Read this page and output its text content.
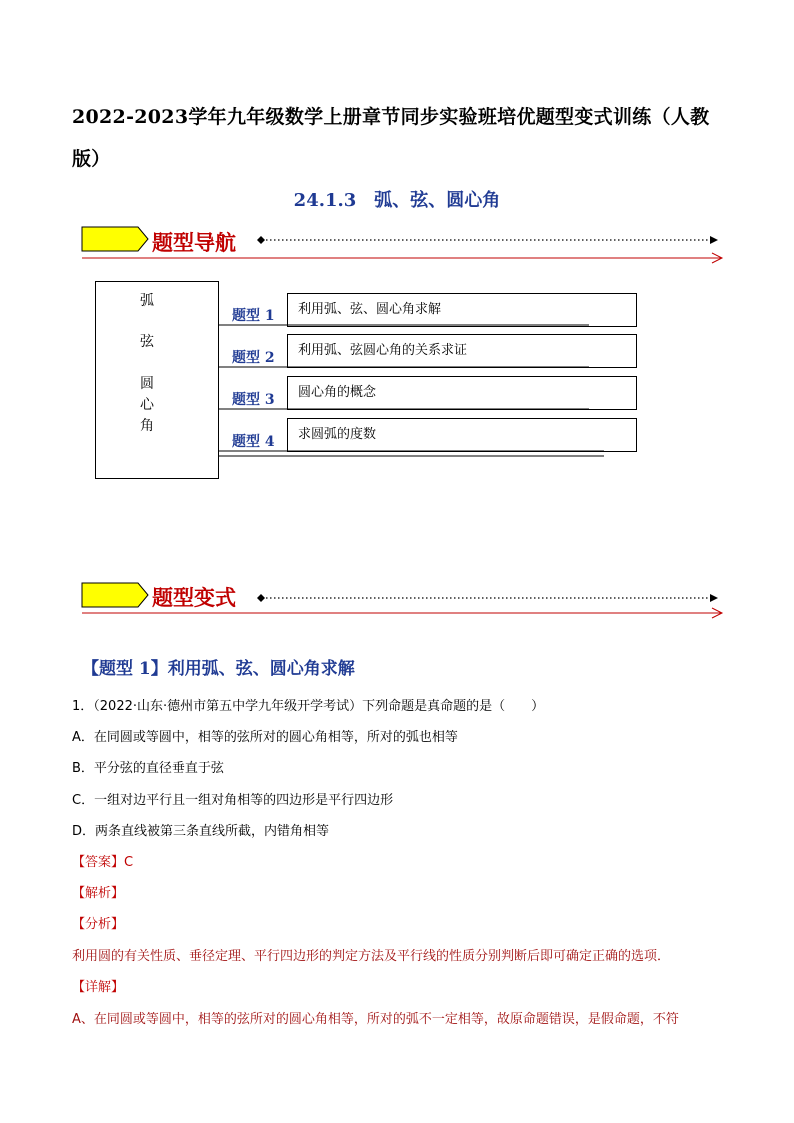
2022-2023学年九年级数学上册章节同步实验班培优题型变式训练（人教版）
24.1.3　弧、弦、圆心角
题型导航
弧
弦
圆
心
角
题型 1	利用弧、弦、圆心角求解
题型 2	利用弧、弦圆心角的关系求证
题型 3	圆心角的概念
题型 4	求圆弧的度数
题型变式
【题型 1】利用弧、弦、圆心角求解
1．（2022·山东·德州市第五中学九年级开学考试）下列命题是真命题的是（　　）
A．在同圆或等圆中，相等的弦所对的圆心角相等，所对的弧也相等
B．平分弦的直径垂直于弦
C．一组对边平行且一组对角相等的四边形是平行四边形
D．两条直线被第三条直线所截，内错角相等
【答案】C
【解析】
【分析】
利用圆的有关性质、垂径定理、平行四边形的判定方法及平行线的性质分别判断后即可确定正确的选项．
【详解】
A、在同圆或等圆中，相等的弦所对的圆心角相等，所对的弧不一定相等，故原命题错误，是假命题，不符
